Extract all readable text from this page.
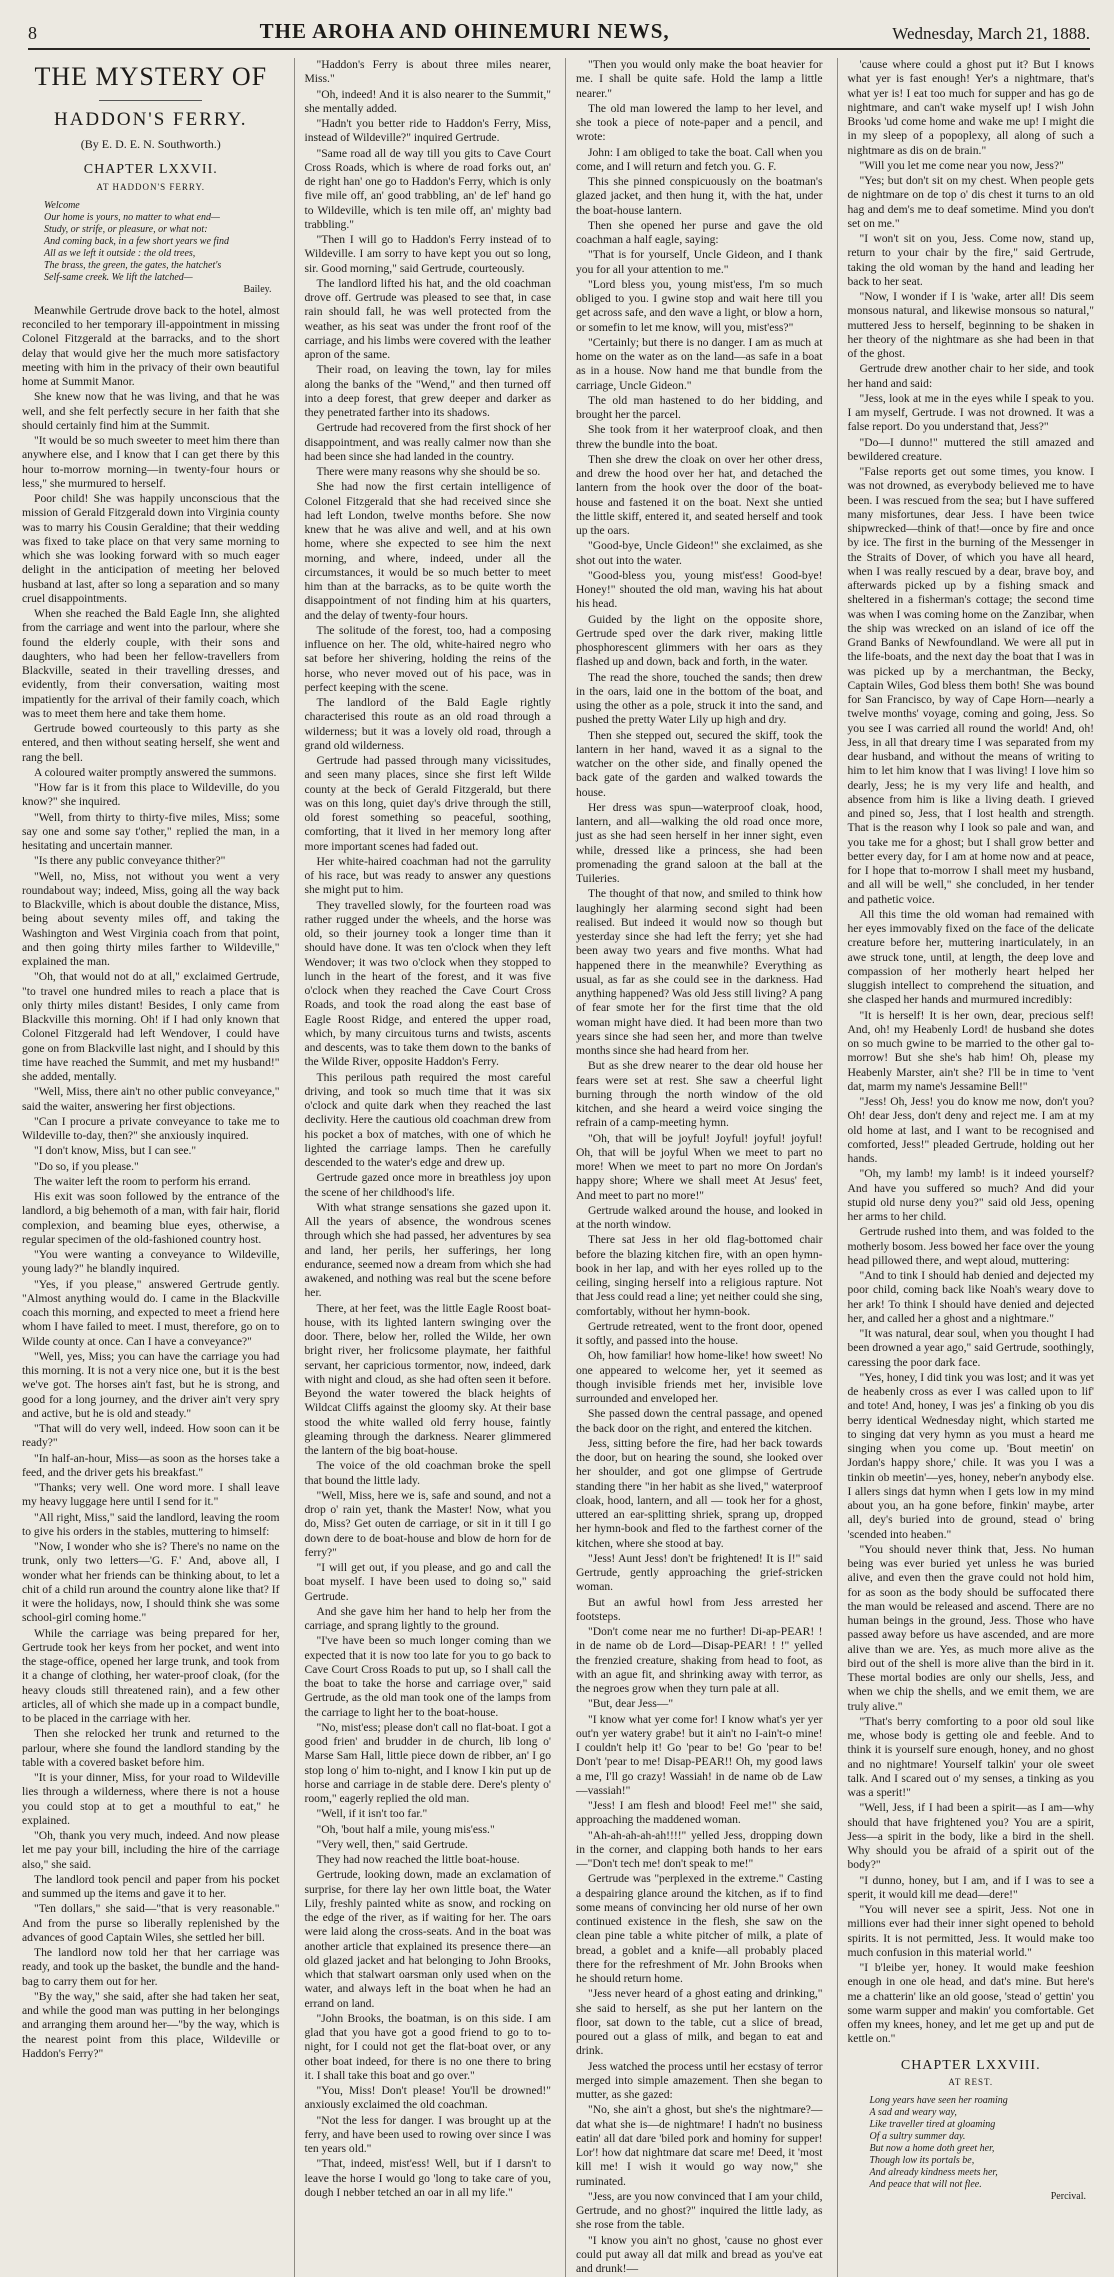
8	THE AROHA AND OHINEMURI NEWS,	Wednesday, March 21, 1888.
THE MYSTERY OF
HADDON'S FERRY.
(By E. D. E. N. Southworth.)
CHAPTER LXXVII.
AT HADDON'S FERRY.
Welcome
Our home is yours, no matter to what end—
Study, or strife, or pleasure, or what not:
And coming back, in a few short years we find
All as we left it outside : the old trees,
The brass, the green, the gates, the hatchet's
Self-same creek. We lift the latched—
Bailey.

Meanwhile Gertrude drove back to the hotel, almost reconciled to her temporary ill-appointment in missing Colonel Fitzgerald at the barracks, and to the short delay that would give her the much more satisfactory meeting with him in the privacy of their own beautiful home at Summit Manor.

She knew now that he was living, and that he was well, and she felt perfectly secure in her faith that she should certainly find him at the Summit.

"It would be so much sweeter to meet him there than anywhere else, and I know that I can get there by this hour to-morrow morning—in twenty-four hours or less," she murmured to herself.

Poor child! She was happily unconscious that the mission of Gerald Fitzgerald down into Virginia county was to marry his Cousin Geraldine; that their wedding was fixed to take place on that very same morning to which she was looking forward with so much eager delight in the anticipation of meeting her beloved husband at last, after so long a separation and so many cruel disappointments.

When she reached the Bald Eagle Inn, she alighted from the carriage and went into the parlour, where she found the elderly couple, with their sons and daughters, who had been her fellow-travellers from Blackville, seated in their travelling dresses, and evidently, from their conversation, waiting most impatiently for the arrival of their family coach, which was to meet them here and take them home.

Gertrude bowed courteously to this party as she entered, and then without seating herself, she went and rang the bell.

A coloured waiter promptly answered the summons.

"How far is it from this place to Wildeville, do you know?" she inquired.

"Well, from thirty to thirty-five miles, Miss; some say one and some say t'other," replied the man, in a hesitating and uncertain manner.

"Is there any public conveyance thither?"

"Well, no, Miss, not without you went a very roundabout way; indeed, Miss, going all the way back to Blackville, which is about double the distance, Miss, being about seventy miles off, and taking the Washington and West Virginia coach from that point, and then going thirty miles farther to Wildeville," explained the man.

"Oh, that would not do at all," exclaimed Gertrude, "to travel one hundred miles to reach a place that is only thirty miles distant! Besides, I only came from Blackville this morning. Oh! if I had only known that Colonel Fitzgerald had left Wendover, I could have gone on from Blackville last night, and I should by this time have reached the Summit, and met my husband!" she added, mentally.

"Well, Miss, there ain't no other public conveyance," said the waiter, answering her first objections.

"Can I procure a private conveyance to take me to Wildeville to-day, then?" she anxiously inquired.

"I don't know, Miss, but I can see."

"Do so, if you please."

The waiter left the room to perform his errand.

His exit was soon followed by the entrance of the landlord, a big behemoth of a man, with fair hair, florid complexion, and beaming blue eyes, otherwise, a regular specimen of the old-fashioned country host.

"You were wanting a conveyance to Wildeville, young lady?" he blandly inquired.

"Yes, if you please," answered Gertrude gently. "Almost anything would do. I came in the Blackville coach this morning, and expected to meet a friend here whom I have failed to meet. I must, therefore, go on to Wilde county at once. Can I have a conveyance?"

"Well, yes, Miss; you can have the carriage you had this morning. It is not a very nice one, but it is the best we've got. The horses ain't fast, but he is strong, and good for a long journey, and the driver ain't very spry and active, but he is old and steady."

"That will do very well, indeed. How soon can it be ready?"

"In half-an-hour, Miss—as soon as the horses take a feed, and the driver gets his breakfast."

"Thanks; very well. One word more. I shall leave my heavy luggage here until I send for it."

"All right, Miss," said the landlord, leaving the room to give his orders in the stables, muttering to himself:

"Now, I wonder who she is? There's no name on the trunk, only two letters—'G. F.' And, above all, I wonder what her friends can be thinking about, to let a chit of a child run around the country alone like that? If it were the holidays, now, I should think she was some school-girl coming home."

While the carriage was being prepared for her, Gertrude took her keys from her pocket, and went into the stage-office, opened her large trunk, and took from it a change of clothing, her water-proof cloak, (for the heavy clouds still threatened rain), and a few other articles, all of which she made up in a compact bundle, to be placed in the carriage with her.

Then she relocked her trunk and returned to the parlour, where she found the landlord standing by the table with a covered basket before him.

"It is your dinner, Miss, for your road to Wildeville lies through a wilderness, where there is not a house you could stop at to get a mouthful to eat," he explained.

"Oh, thank you very much, indeed. And now please let me pay your bill, including the hire of the carriage also," she said.

The landlord took pencil and paper from his pocket and summed up the items and gave it to her.

"Ten dollars," she said—"that is very reasonable." And from the purse so liberally replenished by the advances of good Captain Wiles, she settled her bill.

The landlord now told her that her carriage was ready, and took up the basket, the bundle and the hand-bag to carry them out for her.

"By the way," she said, after she had taken her seat, and while the good man was putting in her belongings and arranging them around her—"by the way, which is the nearest point from this place, Wildeville or Haddon's Ferry?"

"Haddon's Ferry is about three miles nearer, Miss."

"Oh, indeed! And it is also nearer to the Summit," she mentally added.

"Hadn't you better ride to Haddon's Ferry, Miss, instead of Wildeville?" inquired Gertrude.

"Same road all de way till you gits to Cave Court Cross Roads, which is where de road forks out, an' de right han' one go to Haddon's Ferry, which is only five mile off, an' good trabbling, an' de lef' hand go to Wildeville, which is ten mile off, an' mighty bad trabbling."

"Then I will go to Haddon's Ferry instead of to Wildeville. I am sorry to have kept you out so long, sir. Good morning," said Gertrude, courteously.

The landlord lifted his hat, and the old coachman drove off. Gertrude was pleased to see that, in case rain should fall, he was well protected from the weather, as his seat was under the front roof of the carriage, and his limbs were covered with the leather apron of the same.

Their road, on leaving the town, lay for miles along the banks of the "Wend," and then turned off into a deep forest, that grew deeper and darker as they penetrated farther into its shadows.

Gertrude had recovered from the first shock of her disappointment, and was really calmer now than she had been since she had landed in the country.

There were many reasons why she should be so.

She had now the first certain intelligence of Colonel Fitzgerald that she had received since she had left London, twelve months before. She now knew that he was alive and well, and at his own home, where she expected to see him the next morning, and where, indeed, under all the circumstances, it would be so much better to meet him than at the barracks, as to be quite worth the disappointment of not finding him at his quarters, and the delay of twenty-four hours.

The solitude of the forest, too, had a composing influence on her. The old, white-haired negro who sat before her shivering, holding the reins of the horse, who never moved out of his pace, was in perfect keeping with the scene.

The landlord of the Bald Eagle rightly characterised this route as an old road through a wilderness; but it was a lovely old road, through a grand old wilderness.

Gertrude had passed through many vicissitudes, and seen many places, since she first left Wilde county at the beck of Gerald Fitzgerald, but there was on this long, quiet day's drive through the still, old forest something so peaceful, soothing, comforting, that it lived in her memory long after more important scenes had faded out.

Her white-haired coachman had not the garrulity of his race, but was ready to answer any questions she might put to him.

They travelled slowly, for the fourteen road was rather rugged under the wheels, and the horse was old, so their journey took a longer time than it should have done. It was ten o'clock when they left Wendover; it was two o'clock when they stopped to lunch in the heart of the forest, and it was five o'clock when they reached the Cave Court Cross Roads, and took the road along the east base of Eagle Roost Ridge, and entered the upper road, which, by many circuitous turns and twists, ascents and descents, was to take them down to the banks of the Wilde River, opposite Haddon's Ferry.

This perilous path required the most careful driving, and took so much time that it was six o'clock and quite dark when they reached the last declivity. Here the cautious old coachman drew from his pocket a box of matches, with one of which he lighted the carriage lamps. Then he carefully descended to the water's edge and drew up.

Gertrude gazed once more in breathless joy upon the scene of her childhood's life.

With what strange sensations she gazed upon it. All the years of absence, the wondrous scenes through which she had passed, her adventures by sea and land, her perils, her sufferings, her long endurance, seemed now a dream from which she had awakened, and nothing was real but the scene before her.

There, at her feet, was the little Eagle Roost boat-house, with its lighted lantern swinging over the door. There, below her, rolled the Wilde, her own bright river, her frolicsome playmate, her faithful servant, her capricious tormentor, now, indeed, dark with night and cloud, as she had often seen it before. Beyond the water towered the black heights of Wildcat Cliffs against the gloomy sky. At their base stood the white walled old ferry house, faintly gleaming through the darkness. Nearer glimmered the lantern of the big boat-house.

The voice of the old coachman broke the spell that bound the little lady.

"Well, Miss, here we is, safe and sound, and not a drop o' rain yet, thank the Master! Now, what you do, Miss? Get outen de carriage, or sit in it till I go down dere to de boat-house and blow de horn for de ferry?"

"I will get out, if you please, and go and call the boat myself. I have been used to doing so," said Gertrude.

And she gave him her hand to help her from the carriage, and sprang lightly to the ground.

"I've have been so much longer coming than we expected that it is now too late for you to go back to Cave Court Cross Roads to put up, so I shall call the the boat to take the horse and carriage over," said Gertrude, as the old man took one of the lamps from the carriage to light her to the boat-house.

"No, mist'ess; please don't call no flat-boat. I got a good frien' and brudder in de church, lib long o' Marse Sam Hall, little piece down de ribber, an' I go stop long o' him to-night, and I know I kin put up de horse and carriage in de stable dere. Dere's plenty o' room," eagerly replied the old man.

"Well, if it isn't too far."

"Oh, 'bout half a mile, young mis'ess."

"Very well, then," said Gertrude.

They had now reached the little boat-house.

Gertrude, looking down, made an exclamation of surprise, for there lay her own little boat, the Water Lily, freshly painted white as snow, and rocking on the edge of the river, as if waiting for her. The oars were laid along the cross-seats. And in the boat was another article that explained its presence there—an old glazed jacket and hat belonging to John Brooks, which that stalwart oarsman only used when on the water, and always left in the boat when he had an errand on land.

"John Brooks, the boatman, is on this side. I am glad that you have got a good friend to go to to-night, for I could not get the flat-boat over, or any other boat indeed, for there is no one there to bring it. I shall take this boat and go over."

"You, Miss! Don't please! You'll be drowned!" anxiously exclaimed the old coachman.

"Not the less for danger. I was brought up at the ferry, and have been used to rowing over since I was ten years old."

"That, indeed, mist'ess! Well, but if I darsn't to leave the horse I would go 'long to take care of you, dough I nebber tetched an oar in all my life."

"Then you would only make the boat heavier for me. I shall be quite safe. Hold the lamp a little nearer."

The old man lowered the lamp to her level, and she took a piece of note-paper and a pencil, and wrote:

John: I am obliged to take the boat. Call when you come, and I will return and fetch you. G. F.

This she pinned conspicuously on the boatman's glazed jacket, and then hung it, with the hat, under the boat-house lantern.

Then she opened her purse and gave the old coachman a half eagle, saying:

"That is for yourself, Uncle Gideon, and I thank you for all your attention to me."

"Lord bless you, young mist'ess, I'm so much obliged to you. I gwine stop and wait here till you get across safe, and den wave a light, or blow a horn, or somefin to let me know, will you, mist'ess?"

"Certainly; but there is no danger. I am as much at home on the water as on the land—as safe in a boat as in a house. Now hand me that bundle from the carriage, Uncle Gideon."

The old man hastened to do her bidding, and brought her the parcel.

She took from it her waterproof cloak, and then threw the bundle into the boat.

Then she drew the cloak on over her other dress, and drew the hood over her hat, and detached the lantern from the hook over the door of the boat-house and fastened it on the boat. Next she untied the little skiff, entered it, and seated herself and took up the oars.

"Good-bye, Uncle Gideon!" she exclaimed, as she shot out into the water.

"Good-bless you, young mist'ess! Good-bye! Honey!" shouted the old man, waving his hat about his head.

Guided by the light on the opposite shore, Gertrude sped over the dark river, making little phosphorescent glimmers with her oars as they flashed up and down, back and forth, in the water.

The read the shore, touched the sands; then drew in the oars, laid one in the bottom of the boat, and using the other as a pole, struck it into the sand, and pushed the pretty Water Lily up high and dry.

Then she stepped out, secured the skiff, took the lantern in her hand, waved it as a signal to the watcher on the other side, and finally opened the back gate of the garden and walked towards the house.

Her dress was spun—waterproof cloak, hood, lantern, and all—walking the old road once more, just as she had seen herself in her inner sight, even while, dressed like a princess, she had been promenading the grand saloon at the ball at the Tuileries.

The thought of that now, and smiled to think how laughingly her alarming second sight had been realised. But indeed it would now so though but yesterday since she had left the ferry; yet she had been away two years and five months. What had happened there in the meanwhile? Everything as usual, as far as she could see in the darkness. Had anything happened? Was old Jess still living? A pang of fear smote her for the first time that the old woman might have died. It had been more than two years since she had seen her, and more than twelve months since she had heard from her.

But as she drew nearer to the dear old house her fears were set at rest. She saw a cheerful light burning through the north window of the old kitchen, and she heard a weird voice singing the refrain of a camp-meeting hymn.

"Oh, that will be joyful! Joyful! joyful! joyful! Oh, that will be joyful When we meet to part no more! When we meet to part no more On Jordan's happy shore; Where we shall meet At Jesus' feet, And meet to part no more!"

Gertrude walked around the house, and looked in at the north window.

There sat Jess in her old flag-bottomed chair before the blazing kitchen fire, with an open hymn-book in her lap, and with her eyes rolled up to the ceiling, singing herself into a religious rapture. Not that Jess could read a line; yet neither could she sing, comfortably, without her hymn-book.

Gertrude retreated, went to the front door, opened it softly, and passed into the house.

Oh, how familiar! how home-like! how sweet! No one appeared to welcome her, yet it seemed as though invisible friends met her, invisible love surrounded and enveloped her.

She passed down the central passage, and opened the back door on the right, and entered the kitchen.

Jess, sitting before the fire, had her back towards the door, but on hearing the sound, she looked over her shoulder, and got one glimpse of Gertrude standing there "in her habit as she lived," waterproof cloak, hood, lantern, and all — took her for a ghost, uttered an ear-splitting shriek, sprang up, dropped her hymn-book and fled to the farthest corner of the kitchen, where she stood at bay.

"Jess! Aunt Jess! don't be frightened! It is I!" said Gertrude, gently approaching the grief-stricken woman.

But an awful howl from Jess arrested her footsteps.

"Don't come near me no further! Di-ap-PEAR! ! in de name ob de Lord—Disap-PEAR! ! !" yelled the frenzied creature, shaking from head to foot, as with an ague fit, and shrinking away with terror, as the negroes grow when they turn pale at all.

"But, dear Jess—"

"I know what yer come for! I know what's yer yer out'n yer watery grabe! but it ain't no I-ain't-o mine! I couldn't help it! Go 'pear to be! Go 'pear to be! Don't 'pear to me! Disap-PEAR!! Oh, my good laws a me, I'll go crazy! Wassiah! in de name ob de Law—vassiah!"

"Jess! I am flesh and blood! Feel me!" she said, approaching the maddened woman.

"Ah-ah-ah-ah-ah!!!!" yelled Jess, dropping down in the corner, and clapping both hands to her ears—"Don't tech me! don't speak to me!"

Gertrude was "perplexed in the extreme." Casting a despairing glance around the kitchen, as if to find some means of convincing her old nurse of her own continued existence in the flesh, she saw on the clean pine table a white pitcher of milk, a plate of bread, a goblet and a knife—all probably placed there for the refreshment of Mr. John Brooks when he should return home.

"Jess never heard of a ghost eating and drinking," she said to herself, as she put her lantern on the floor, sat down to the table, cut a slice of bread, poured out a glass of milk, and began to eat and drink.

Jess watched the process until her ecstasy of terror merged into simple amazement. Then she began to mutter, as she gazed:

"No, she ain't a ghost, but she's the nightmare?—dat what she is—de nightmare! I hadn't no business eatin' all dat dare 'biled pork and hominy for supper! Lor'! how dat nightmare dat scare me! Deed, it 'most kill me! I wish it would go way now," she ruminated.

"Jess, are you now convinced that I am your child, Gertrude, and no ghost?" inquired the little lady, as she rose from the table.

"I know you ain't no ghost, 'cause no ghost ever could put away all dat milk and bread as you've eat and drunk!—

'cause where could a ghost put it? But I knows what yer is fast enough! Yer's a nightmare, that's what yer is! I eat too much for supper and has go de nightmare, and can't wake myself up! I wish John Brooks 'ud come home and wake me up! I might die in my sleep of a popoplexy, all along of such a nightmare as dis on de brain."

"Will you let me come near you now, Jess?"

"Yes; but don't sit on my chest. When people gets de nightmare on de top o' dis chest it turns to an old hag and dem's me to deaf sometime. Mind you don't set on me."

"I won't sit on you, Jess. Come now, stand up, return to your chair by the fire," said Gertrude, taking the old woman by the hand and leading her back to her seat.

"Now, I wonder if I is 'wake, arter all! Dis seem monsous natural, and likewise monsous so natural," muttered Jess to herself, beginning to be shaken in her theory of the nightmare as she had been in that of the ghost.

Gertrude drew another chair to her side, and took her hand and said:

"Jess, look at me in the eyes while I speak to you. I am myself, Gertrude. I was not drowned. It was a false report. Do you understand that, Jess?"

"Do—I dunno!" muttered the still amazed and bewildered creature.

"False reports get out some times, you know. I was not drowned, as everybody believed me to have been. I was rescued from the sea; but I have suffered many misfortunes, dear Jess. I have been twice shipwrecked—think of that!—once by fire and once by ice. The first in the burning of the Messenger in the Straits of Dover, of which you have all heard, when I was really rescued by a dear, brave boy, and afterwards picked up by a fishing smack and sheltered in a fisherman's cottage; the second time was when I was coming home on the Zanzibar, when the ship was wrecked on an island of ice off the Grand Banks of Newfoundland. We were all put in the life-boats, and the next day the boat that I was in was picked up by a merchantman, the Becky, Captain Wiles, God bless them both! She was bound for San Francisco, by way of Cape Horn—nearly a twelve months' voyage, coming and going, Jess. So you see I was carried all round the world! And, oh! Jess, in all that dreary time I was separated from my dear husband, and without the means of writing to him to let him know that I was living! I love him so dearly, Jess; he is my very life and health, and absence from him is like a living death. I grieved and pined so, Jess, that I lost health and strength. That is the reason why I look so pale and wan, and you take me for a ghost; but I shall grow better and better every day, for I am at home now and at peace, for I hope that to-morrow I shall meet my husband, and all will be well," she concluded, in her tender and pathetic voice.

All this time the old woman had remained with her eyes immovably fixed on the face of the delicate creature before her, muttering inarticulately, in an awe struck tone, until, at length, the deep love and compassion of her motherly heart helped her sluggish intellect to comprehend the situation, and she clasped her hands and murmured incredibly:

"It is herself! It is her own, dear, precious self! And, oh! my Heabenly Lord! de husband she dotes on so much gwine to be married to the other gal to-morrow! But she she's hab him! Oh, please my Heabenly Marster, ain't she? I'll be in time to 'vent dat, marm my name's Jessamine Bell!"

"Jess! Oh, Jess! you do know me now, don't you? Oh! dear Jess, don't deny and reject me. I am at my old home at last, and I want to be recognised and comforted, Jess!" pleaded Gertrude, holding out her hands.

"Oh, my lamb! my lamb! is it indeed yourself? And have you suffered so much? And did your stupid old nurse deny you?" said old Jess, opening her arms to her child.

Gertrude rushed into them, and was folded to the motherly bosom. Jess bowed her face over the young head pillowed there, and wept aloud, muttering:

"And to tink I should hab denied and dejected my poor child, coming back like Noah's weary dove to her ark! To think I should have denied and dejected her, and called her a ghost and a nightmare."

"It was natural, dear soul, when you thought I had been drowned a year ago," said Gertrude, soothingly, caressing the poor dark face.

"Yes, honey, I did tink you was lost; and it was yet de heabenly cross as ever I was called upon to lif' and tote! And, honey, I was jes' a finking ob you dis berry identical Wednesday night, which started me to singing dat very hymn as you must a heard me singing when you come up. 'Bout meetin' on Jordan's happy shore,' chile. It was you I was a tinkin ob meetin'—yes, honey, neber'n anybody else. I allers sings dat hymn when I gets low in my mind about you, an ha gone before, finkin' maybe, arter all, dey's buried into de ground, stead o' bring 'scended into heaben."

"You should never think that, Jess. No human being was ever buried yet unless he was buried alive, and even then the grave could not hold him, for as soon as the body should be suffocated there the man would be released and ascend. There are no human beings in the ground, Jess. Those who have passed away before us have ascended, and are more alive than we are. Yes, as much more alive as the bird out of the shell is more alive than the bird in it. These mortal bodies are only our shells, Jess, and when we chip the shells, and we emit them, we are truly alive."

"That's berry comforting to a poor old soul like me, whose body is getting ole and feeble. And to think it is yourself sure enough, honey, and no ghost and no nightmare! Yourself talkin' your ole sweet talk. And I scared out o' my senses, a tinking as you was a sperit!"

"Well, Jess, if I had been a spirit—as I am—why should that have frightened you? You are a spirit, Jess—a spirit in the body, like a bird in the shell. Why should you be afraid of a spirit out of the body?"

"I dunno, honey, but I am, and if I was to see a sperit, it would kill me dead—dere!"

"You will never see a spirit, Jess. Not one in millions ever had their inner sight opened to behold spirits. It is not permitted, Jess. It would make too much confusion in this material world."

"I b'leibe yer, honey. It would make feeshion enough in one ole head, and dat's mine. But here's me a chatterin' like an old goose, 'stead o' gettin' you some warm supper and makin' you comfortable. Get offen my knees, honey, and let me get up and put de kettle on."

CHAPTER LXXVIII.
AT REST.
Long years have seen her roaming
A sad and weary way,
Like traveller tired at gloaming
Of a sultry summer day.
But now a home doth greet her,
Though low its portals be,
And already kindness meets her,
And peace that will not flee.
Percival.
